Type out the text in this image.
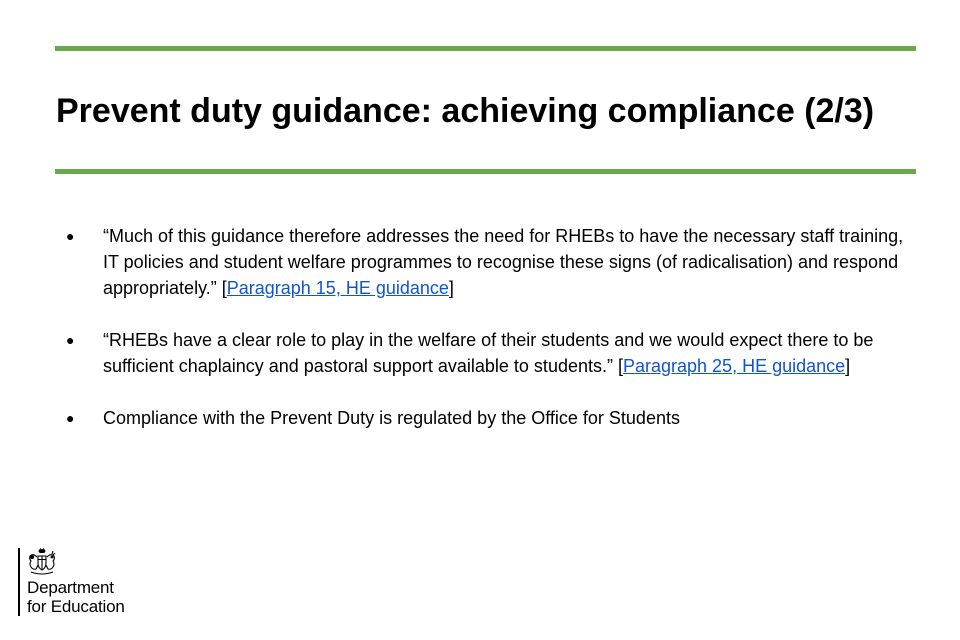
Prevent duty guidance: achieving compliance (2/3)
●	“Much of this guidance therefore addresses the need for RHEBs to have the necessary staff training, IT policies and student welfare programmes to recognise these signs (of radicalisation) and respond appropriately.” [Paragraph 15, HE guidance]
●	“RHEBs have a clear role to play in the welfare of their students and we would expect there to be sufficient chaplaincy and pastoral support available to students.” [Paragraph 25, HE guidance]
●	Compliance with the Prevent Duty is regulated by the Office for Students
Department
for Education
